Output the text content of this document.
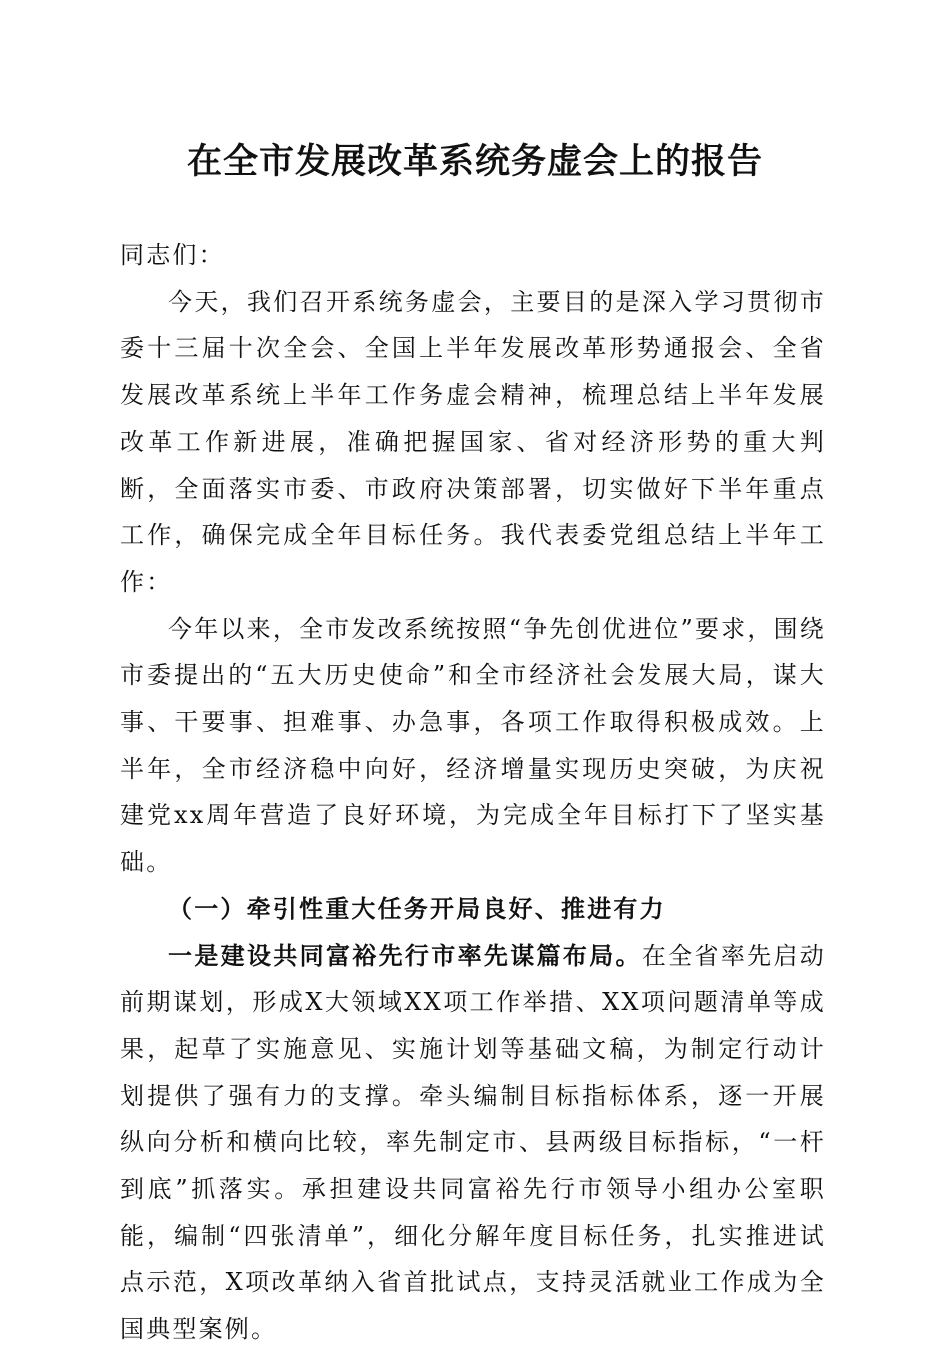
在全市发展改革系统务虚会上的报告

同志们：

今天，我们召开系统务虚会，主要目的是深入学习贯彻市委十三届十次全会、全国上半年发展改革形势通报会、全省发展改革系统上半年工作务虚会精神，梳理总结上半年发展改革工作新进展，准确把握国家、省对经济形势的重大判断，全面落实市委、市政府决策部署，切实做好下半年重点工作，确保完成全年目标任务。我代表委党组总结上半年工作：

今年以来，全市发改系统按照“争先创优进位”要求，围绕市委提出的“五大历史使命”和全市经济社会发展大局，谋大事、干要事、担难事、办急事，各项工作取得积极成效。上半年，全市经济稳中向好，经济增量实现历史突破，为庆祝建党xx周年营造了良好环境，为完成全年目标打下了坚实基础。

（一）牵引性重大任务开局良好、推进有力

一是建设共同富裕先行市率先谋篇布局。在全省率先启动前期谋划，形成X大领域XX项工作举措、XX项问题清单等成果，起草了实施意见、实施计划等基础文稿，为制定行动计划提供了强有力的支撑。牵头编制目标指标体系，逐一开展纵向分析和横向比较，率先制定市、县两级目标指标，“一杆到底”抓落实。承担建设共同富裕先行市领导小组办公室职能，编制“四张清单”，细化分解年度目标任务，扎实推进试点示范，X项改革纳入省首批试点，支持灵活就业工作成为全国典型案例。
